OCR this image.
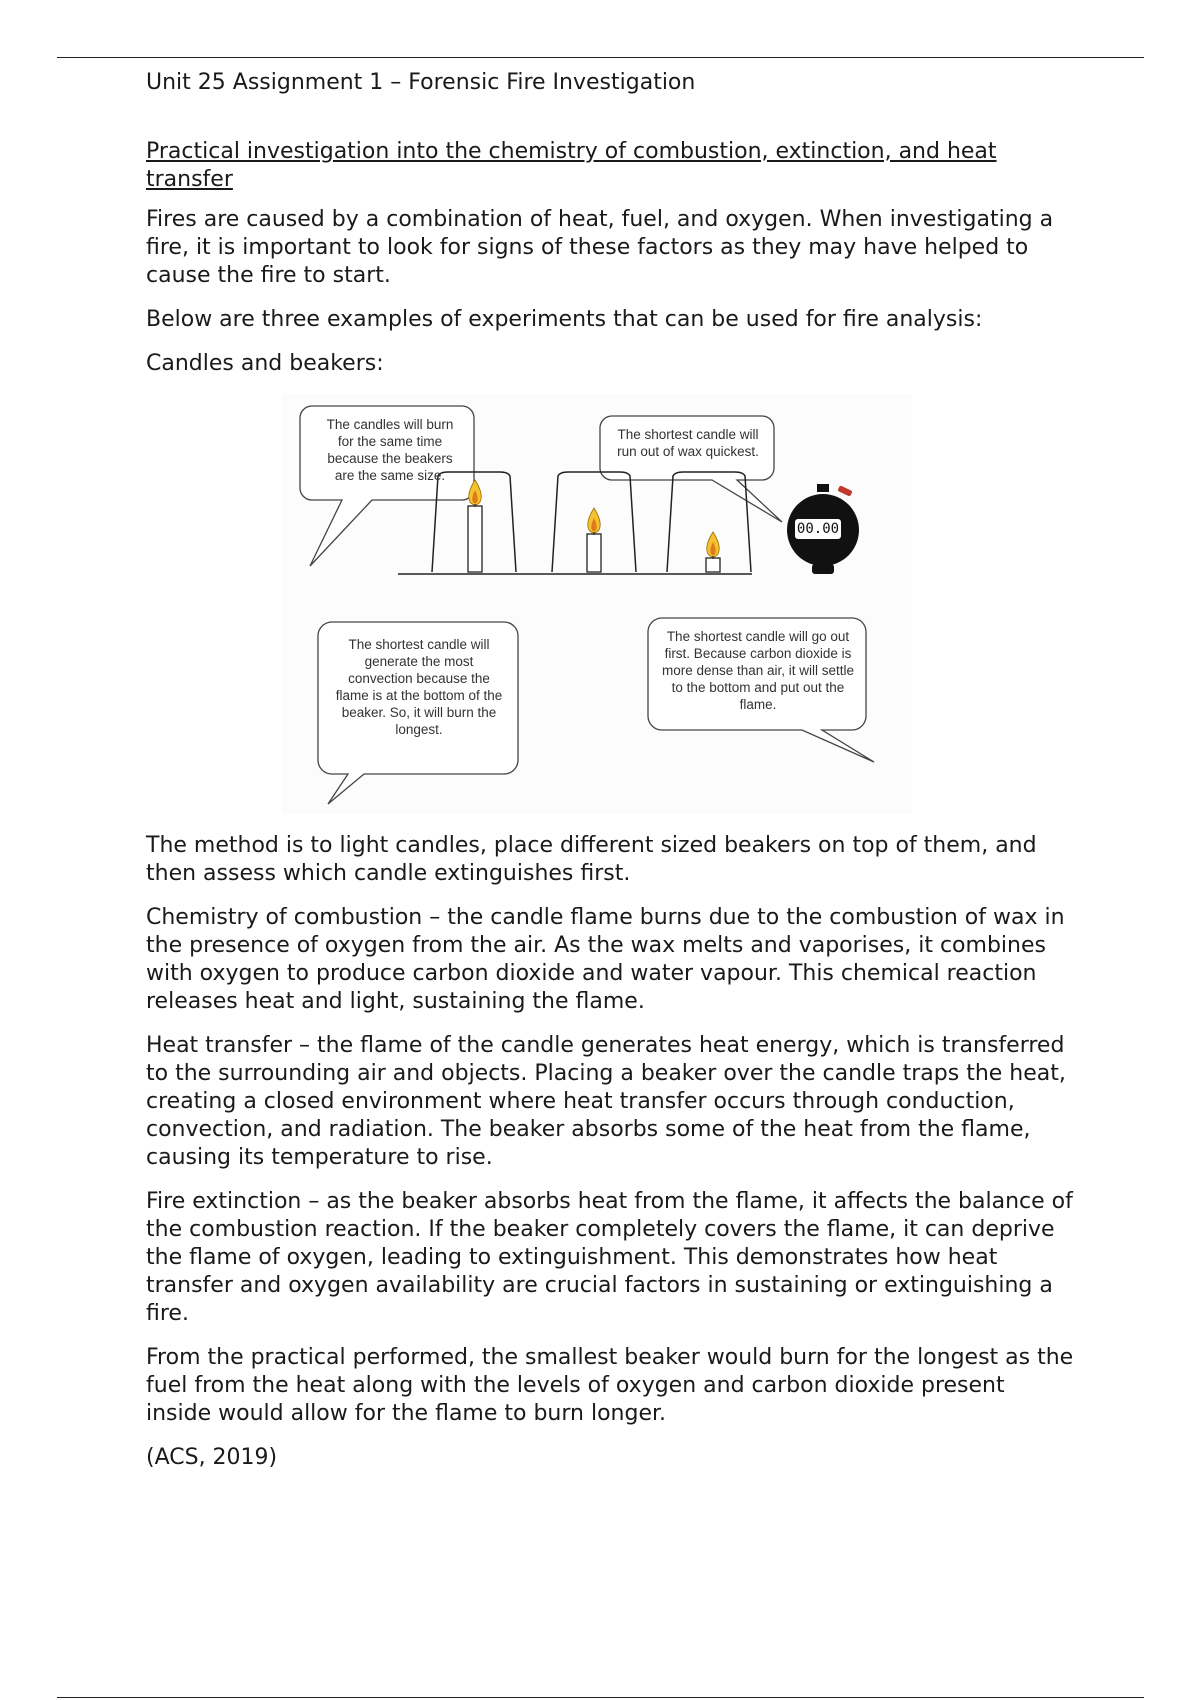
Unit 25 Assignment 1 – Forensic Fire Investigation
Practical investigation into the chemistry of combustion, extinction, and heat transfer

Fires are caused by a combination of heat, fuel, and oxygen. When investigating a fire, it is important to look for signs of these factors as they may have helped to cause the fire to start.

Below are three examples of experiments that can be used for fire analysis:

Candles and beakers:

The candles will burn for the same time because the beakers are the same size.
The shortest candle will run out of wax quickest.
The shortest candle will generate the most convection because the flame is at the bottom of the beaker. So, it will burn the longest.
The shortest candle will go out first. Because carbon dioxide is more dense than air, it will settle to the bottom and put out the flame.
00.00

The method is to light candles, place different sized beakers on top of them, and then assess which candle extinguishes first.

Chemistry of combustion – the candle flame burns due to the combustion of wax in the presence of oxygen from the air. As the wax melts and vaporises, it combines with oxygen to produce carbon dioxide and water vapour. This chemical reaction releases heat and light, sustaining the flame.

Heat transfer – the flame of the candle generates heat energy, which is transferred to the surrounding air and objects. Placing a beaker over the candle traps the heat, creating a closed environment where heat transfer occurs through conduction, convection, and radiation. The beaker absorbs some of the heat from the flame, causing its temperature to rise.

Fire extinction – as the beaker absorbs heat from the flame, it affects the balance of the combustion reaction. If the beaker completely covers the flame, it can deprive the flame of oxygen, leading to extinguishment. This demonstrates how heat transfer and oxygen availability are crucial factors in sustaining or extinguishing a fire.

From the practical performed, the smallest beaker would burn for the longest as the fuel from the heat along with the levels of oxygen and carbon dioxide present inside would allow for the flame to burn longer.

(ACS, 2019)
